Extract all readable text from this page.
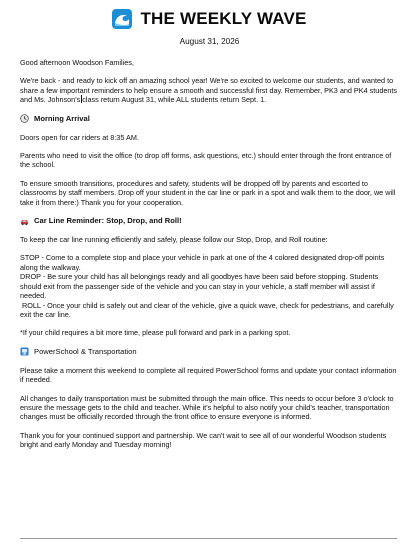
THE WEEKLY WAVE
August 31, 2026

Good afternoon Woodson Families,

We're back - and ready to kick off an amazing school year! We're so excited to welcome our students, and wanted to share a few important reminders to help ensure a smooth and successful first day. Remember, PK3 and PK4 students and Ms. Johnson's class return August 31, while ALL students return Sept. 1.

Morning Arrival

Doors open for car riders at 8:35 AM.

Parents who need to visit the office (to drop off forms, ask questions, etc.) should enter through the front entrance of the school.

To ensure smooth transitions, procedures and safety, students will be dropped off by parents and escorted to classrooms by staff members. Drop off your student in the car line or park in a spot and walk them to the door, we will take it from there:) Thank you for your cooperation.

Car Line Reminder: Stop, Drop, and Roll!

To keep the car line running efficiently and safely, please follow our Stop, Drop, and Roll routine:

STOP - Come to a complete stop and place your vehicle in park at one of the 4 colored designated drop-off points along the walkway.

DROP - Be sure your child has all belongings ready and all goodbyes have been said before stopping. Students should exit from the passenger side of the vehicle and you can stay in your vehicle, a staff member will assist if needed.

ROLL - Once your child is safely out and clear of the vehicle, give a quick wave, check for pedestrians, and carefully exit the car line.

*If your child requires a bit more time, please pull forward and park in a parking spot.

PowerSchool & Transportation

Please take a moment this weekend to complete all required PowerSchool forms and update your contact information if needed.

All changes to daily transportation must be submitted through the main office. This needs to occur before 3 o'clock to ensure the message gets to the child and teacher. While it's helpful to also notify your child's teacher, transportation changes must be officially recorded through the front office to ensure everyone is informed.

Thank you for your continued support and partnership. We can't wait to see all of our wonderful Woodson students bright and early Monday and Tuesday morning!
